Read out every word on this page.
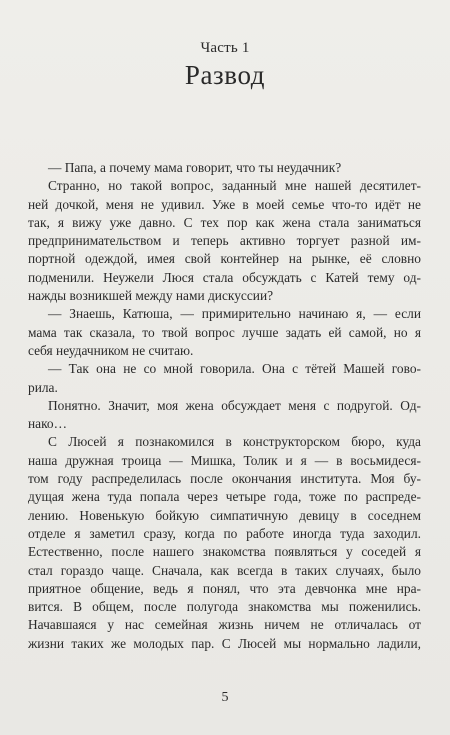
Часть 1
Развод
— Папа, а почему мама говорит, что ты неудачник?
Странно, но такой вопрос, заданный мне нашей десятилет-
ней дочкой, меня не удивил. Уже в моей семье что-то идёт не
так, я вижу уже давно. С тех пор как жена стала заниматься
предпринимательством и теперь активно торгует разной им-
портной одеждой, имея свой контейнер на рынке, её словно
подменили. Неужели Люся стала обсуждать с Катей тему од-
нажды возникшей между нами дискуссии?
— Знаешь, Катюша, — примирительно начинаю я, — если
мама так сказала, то твой вопрос лучше задать ей самой, но я
себя неудачником не считаю.
— Так она не со мной говорила. Она с тётей Машей гово-
рила.
Понятно. Значит, моя жена обсуждает меня с подругой. Од-
нако…
С Люсей я познакомился в конструкторском бюро, куда
наша дружная троица — Мишка, Толик и я — в восьмидеся-
том году распределилась после окончания института. Моя бу-
дущая жена туда попала через четыре года, тоже по распреде-
лению. Новенькую бойкую симпатичную девицу в соседнем
отделе я заметил сразу, когда по работе иногда туда заходил.
Естественно, после нашего знакомства появляться у соседей я
стал гораздо чаще. Сначала, как всегда в таких случаях, было
приятное общение, ведь я понял, что эта девчонка мне нра-
вится. В общем, после полугода знакомства мы поженились.
Начавшаяся у нас семейная жизнь ничем не отличалась от
жизни таких же молодых пар. С Люсей мы нормально ладили,
5
